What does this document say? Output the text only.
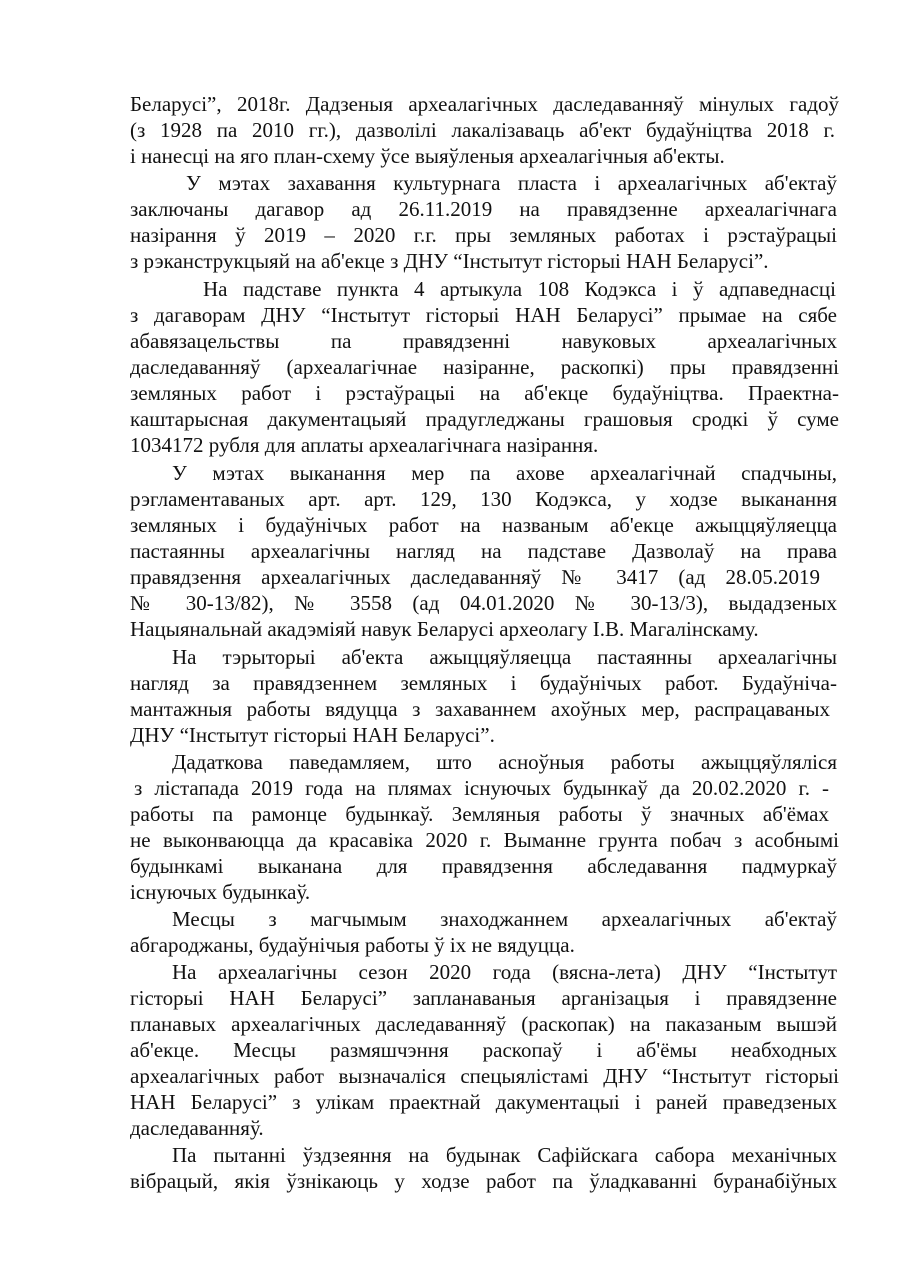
Беларусі”, 2018г. Дадзеныя археалагічных даследаванняў мінулых гадоў
(з 1928 па 2010 гг.), дазволілі лакалізаваць аб'ект будаўніцтва 2018 г.
і нанесці на яго план-схему ўсе выяўленыя археалагічныя аб'екты.
У мэтах захавання культурнага пласта і археалагічных аб'ектаў
заключаны дагавор ад 26.11.2019 на правядзенне археалагічнага
назірання ў 2019 – 2020 г.г. пры земляных работах і рэстаўрацыі
з рэканструкцыяй на аб'екце з ДНУ “Інстытут гісторыі НАН Беларусі”.
На падставе пункта 4 артыкула 108 Кодэкса і ў адпаведнасці
з дагаворам ДНУ “Інстытут гісторыі НАН Беларусі” прымае на сябе
абавязацельствы па правядзенні навуковых археалагічных
даследаванняў (археалагічнае назіранне, раскопкі) пры правядзенні
земляных работ і рэстаўрацыі на аб'екце будаўніцтва. Праектна-
каштарысная дакументацыяй прадугледжаны грашовыя сродкі ў суме
1034172 рубля для аплаты археалагічнага назірання.
У мэтах выканання мер па ахове археалагічнай спадчыны,
рэгламентаваных арт. арт. 129, 130 Кодэкса, у ходзе выканання
земляных і будаўнічых работ на названым аб'екце ажыццяўляецца
пастаянны археалагічны нагляд на падставе Дазволаў на права
правядзення археалагічных даследаванняў № 3417 (ад 28.05.2019
№ 30-13/82), № 3558 (ад 04.01.2020 № 30-13/3), выдадзеных
Нацыянальнай акадэміяй навук Беларусі археолагу І.В. Магалінскаму.
На тэрыторыі аб'екта ажыццяўляецца пастаянны археалагічны
нагляд за правядзеннем земляных і будаўнічых работ. Будаўніча-
мантажныя работы вядуцца з захаваннем ахоўных мер, распрацаваных
ДНУ “Інстытут гісторыі НАН Беларусі”.
Дадаткова паведамляем, што асноўныя работы ажыццяўляліся
з лістапада 2019 года на плямах існуючых будынкаў да 20.02.2020 г. -
работы па рамонце будынкаў. Земляныя работы ў значных аб'ёмах
не выконваюцца да красавіка 2020 г. Выманне грунта побач з асобнымі
будынкамі выканана для правядзення абследавання падмуркаў
існуючых будынкаў.
Месцы з магчымым знаходжаннем археалагічных аб'ектаў
абгароджаны, будаўнічыя работы ў іх не вядуцца.
На археалагічны сезон 2020 года (вясна-лета) ДНУ “Інстытут
гісторыі НАН Беларусі” запланаваныя арганізацыя і правядзенне
планавых археалагічных даследаванняў (раскопак) на паказаным вышэй
аб'екце. Месцы размяшчэння раскопаў і аб'ёмы неабходных
археалагічных работ вызначаліся спецыялістамі ДНУ “Інстытут гісторыі
НАН Беларусі” з улікам праектнай дакументацыі і раней праведзеных
даследаванняў.
Па пытанні ўздзеяння на будынак Сафійскага сабора механічных
вібрацый, якія ўзнікаюць у ходзе работ па ўладкаванні буранабіўных
